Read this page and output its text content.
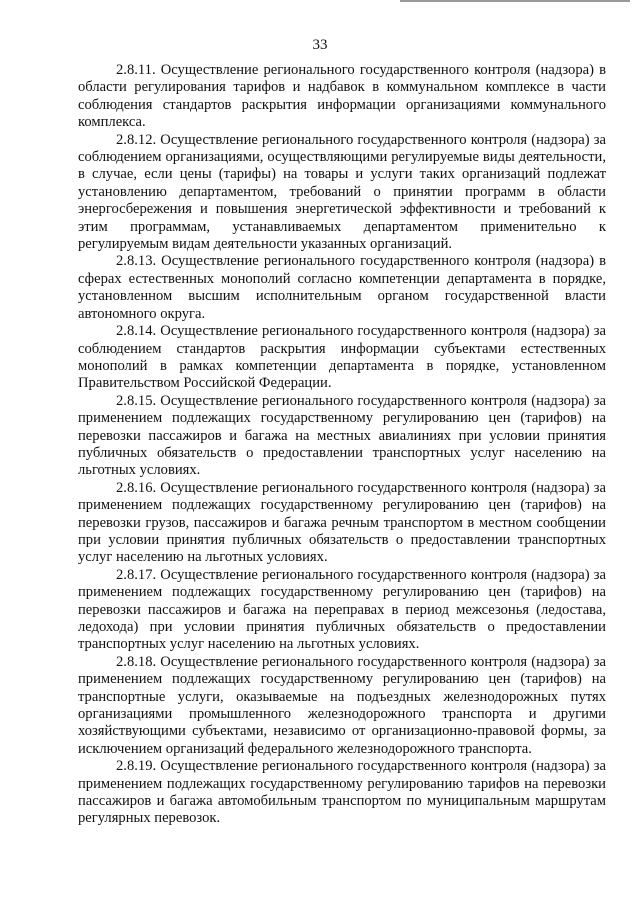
33

2.8.11. Осуществление регионального государственного контроля (надзора) в области регулирования тарифов и надбавок в коммунальном комплексе в части соблюдения стандартов раскрытия информации организациями коммунального комплекса.

2.8.12. Осуществление регионального государственного контроля (надзора) за соблюдением организациями, осуществляющими регулируемые виды деятельности, в случае, если цены (тарифы) на товары и услуги таких организаций подлежат установлению департаментом, требований о принятии программ в области энергосбережения и повышения энергетической эффективности и требований к этим программам, устанавливаемых департаментом применительно к регулируемым видам деятельности указанных организаций.

2.8.13. Осуществление регионального государственного контроля (надзора) в сферах естественных монополий согласно компетенции департамента в порядке, установленном высшим исполнительным органом государственной власти автономного округа.

2.8.14. Осуществление регионального государственного контроля (надзора) за соблюдением стандартов раскрытия информации субъектами естественных монополий в рамках компетенции департамента в порядке, установленном Правительством Российской Федерации.

2.8.15. Осуществление регионального государственного контроля (надзора) за применением подлежащих государственному регулированию цен (тарифов) на перевозки пассажиров и багажа на местных авиалиниях при условии принятия публичных обязательств о предоставлении транспортных услуг населению на льготных условиях.

2.8.16. Осуществление регионального государственного контроля (надзора) за применением подлежащих государственному регулированию цен (тарифов) на перевозки грузов, пассажиров и багажа речным транспортом в местном сообщении при условии принятия публичных обязательств о предоставлении транспортных услуг населению на льготных условиях.

2.8.17. Осуществление регионального государственного контроля (надзора) за применением подлежащих государственному регулированию цен (тарифов) на перевозки пассажиров и багажа на переправах в период межсезонья (ледостава, ледохода) при условии принятия публичных обязательств о предоставлении транспортных услуг населению на льготных условиях.

2.8.18. Осуществление регионального государственного контроля (надзора) за применением подлежащих государственному регулированию цен (тарифов) на транспортные услуги, оказываемые на подъездных железнодорожных путях организациями промышленного железнодорожного транспорта и другими хозяйствующими субъектами, независимо от организационно-правовой формы, за исключением организаций федерального железнодорожного транспорта.

2.8.19. Осуществление регионального государственного контроля (надзора) за применением подлежащих государственному регулированию тарифов на перевозки пассажиров и багажа автомобильным транспортом по муниципальным маршрутам регулярных перевозок.
